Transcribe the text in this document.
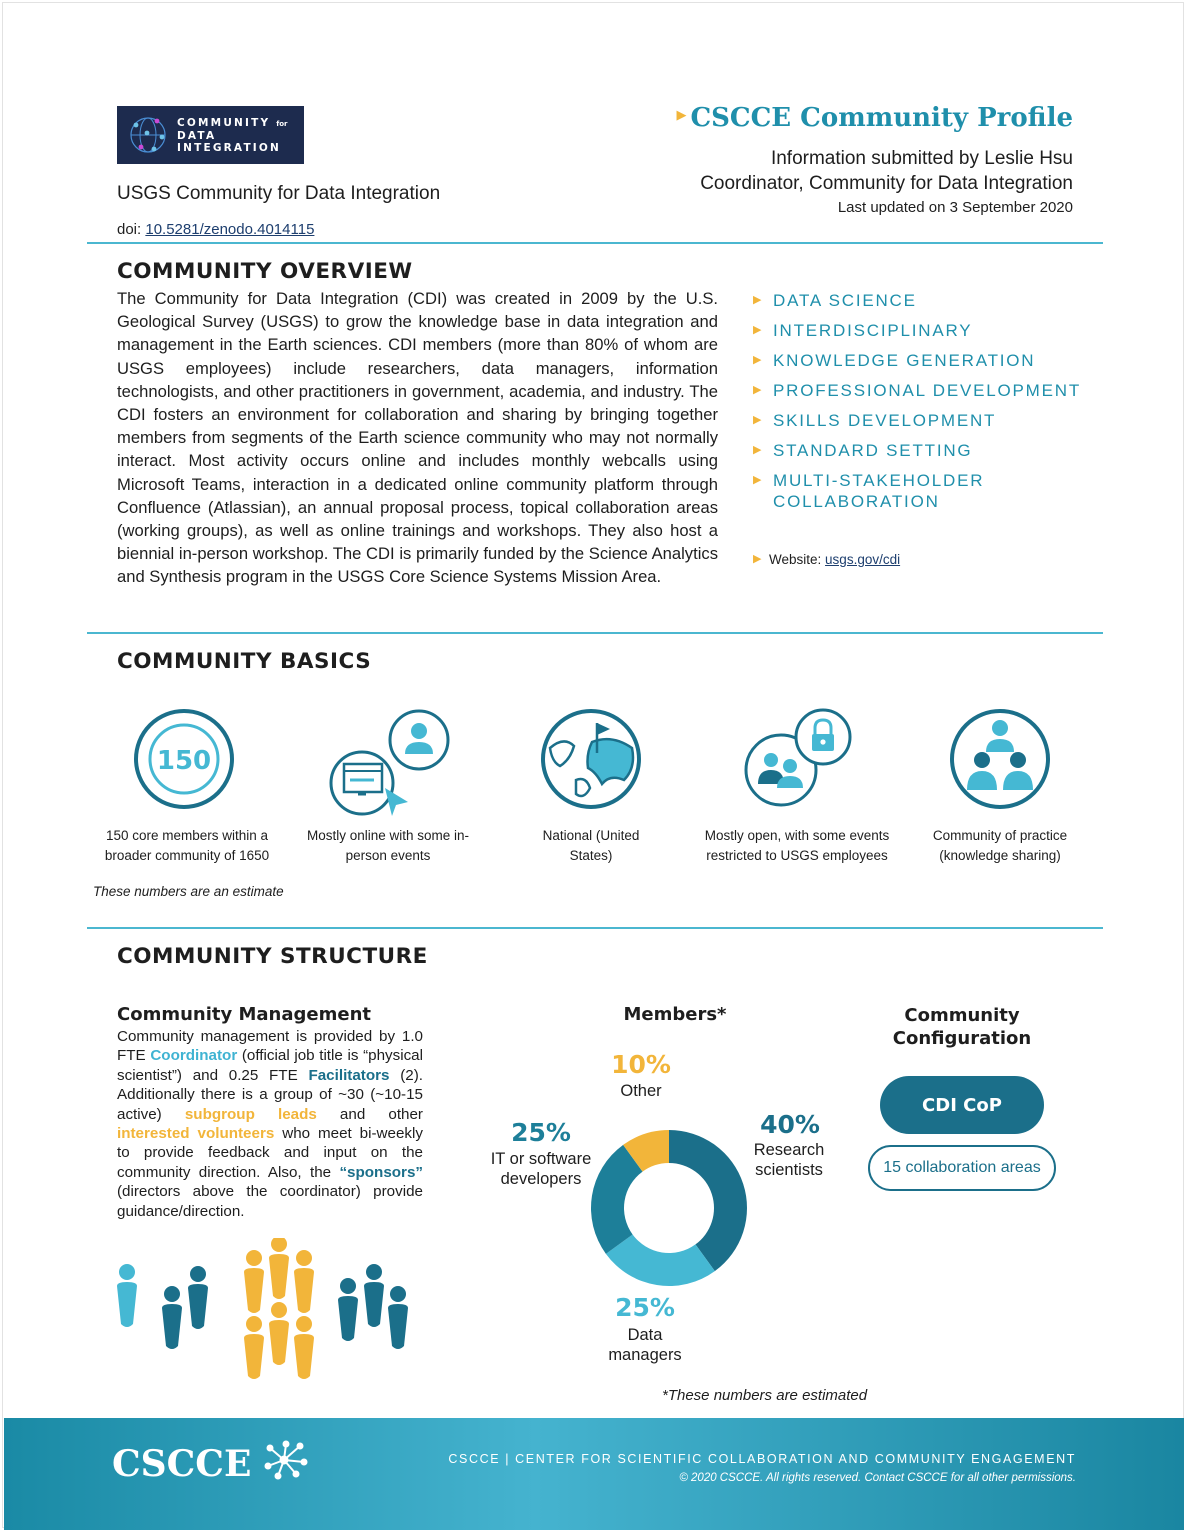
COMMUNITY for
DATA
INTEGRATION
USGS Community for Data Integration
doi: 10.5281/zenodo.4014115
▶ CSCCE Community Profile
Information submitted by Leslie Hsu
Coordinator, Community for Data Integration
Last updated on 3 September 2020
COMMUNITY OVERVIEW
The Community for Data Integration (CDI) was created in 2009 by the U.S. Geological Survey (USGS) to grow the knowledge base in data integration and management in the Earth sciences. CDI members (more than 80% of whom are USGS employees) include researchers, data managers, information technologists, and other practitioners in government, academia, and industry. The CDI fosters an environment for collaboration and sharing by bringing together members from segments of the Earth science community who may not normally interact. Most activity occurs online and includes monthly webcalls using Microsoft Teams, interaction in a dedicated online community platform through Confluence (Atlassian), an annual proposal process, topical collaboration areas (working groups), as well as online trainings and workshops. They also host a biennial in-person workshop. The CDI is primarily funded by the Science Analytics and Synthesis program in the USGS Core Science Systems Mission Area.
▶ DATA SCIENCE
▶ INTERDISCIPLINARY
▶ KNOWLEDGE GENERATION
▶ PROFESSIONAL DEVELOPMENT
▶ SKILLS DEVELOPMENT
▶ STANDARD SETTING
▶ MULTI-STAKEHOLDER COLLABORATION
▶ Website: usgs.gov/cdi
COMMUNITY BASICS
150
150 core members within a broader community of 1650
Mostly online with some in-person events
National (United States)
Mostly open, with some events restricted to USGS employees
Community of practice (knowledge sharing)
These numbers are an estimate
COMMUNITY STRUCTURE
Community Management
Community management is provided by 1.0 FTE Coordinator (official job title is “physical scientist”) and 0.25 FTE Facilitators (2). Additionally there is a group of ~30 (~10-15 active) subgroup leads and other interested volunteers who meet bi-weekly to provide feedback and input on the community direction. Also, the “sponsors” (directors above the coordinator) provide guidance/direction.
Members*
10%
Other
40%
Research scientists
25%
IT or software developers
25%
Data managers
Community Configuration
CDI CoP
15 collaboration areas
*These numbers are estimated
CSCCE	CSCCE | CENTER FOR SCIENTIFIC COLLABORATION AND COMMUNITY ENGAGEMENT
© 2020 CSCCE. All rights reserved. Contact CSCCE for all other permissions.
